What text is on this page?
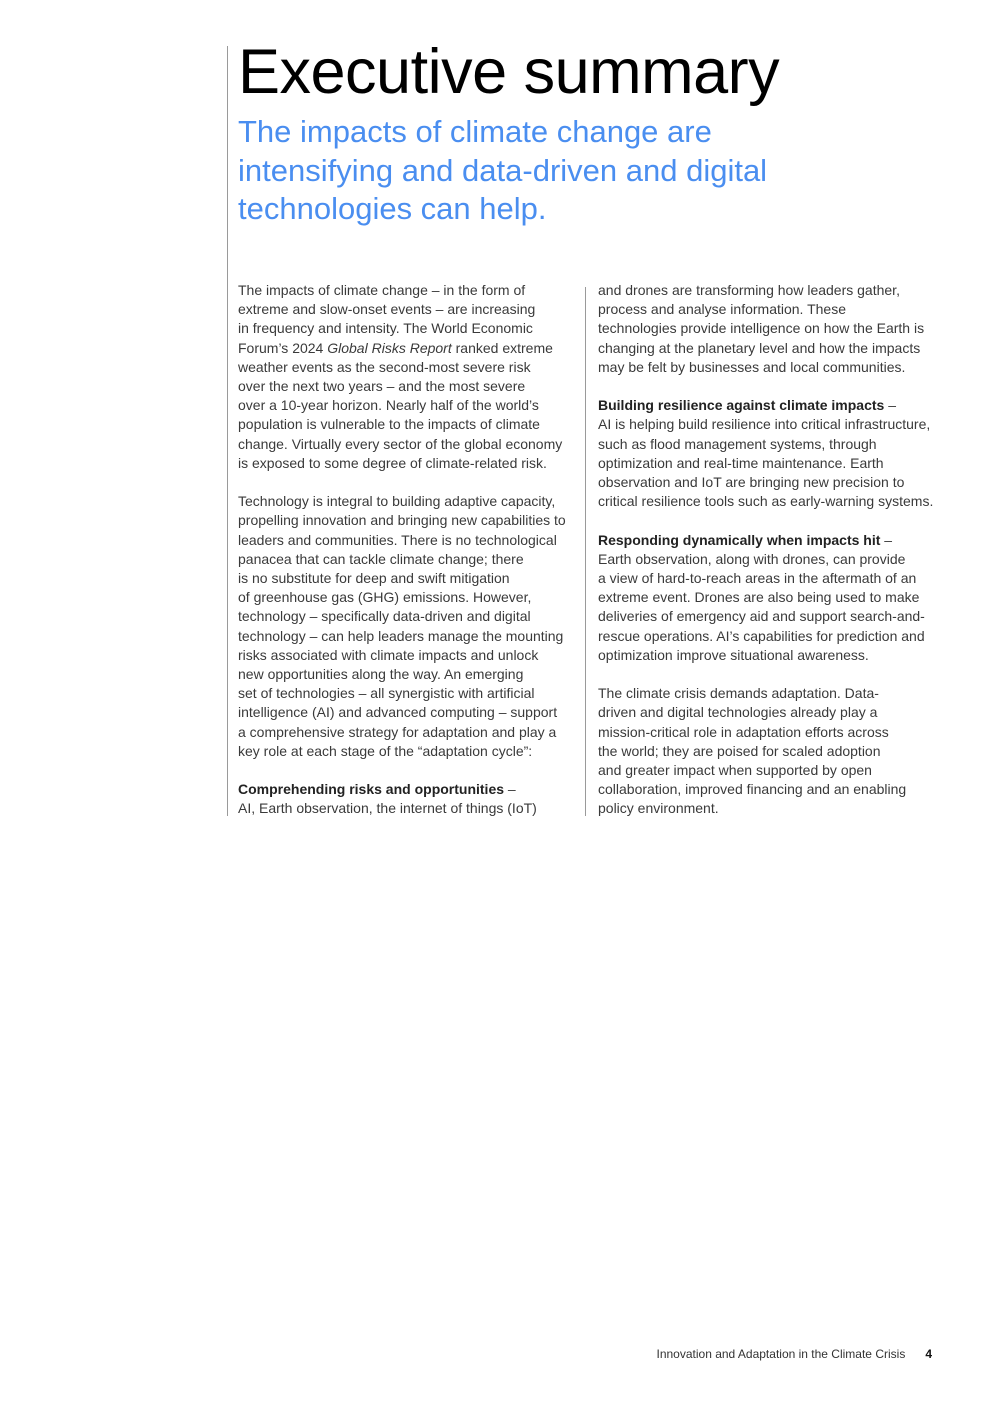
Executive summary
The impacts of climate change are
intensifying and data-driven and digital
technologies can help.

The impacts of climate change – in the form of
extreme and slow-onset events – are increasing
in frequency and intensity. The World Economic
Forum’s 2024 Global Risks Report ranked extreme
weather events as the second-most severe risk
over the next two years – and the most severe
over a 10-year horizon. Nearly half of the world’s
population is vulnerable to the impacts of climate
change. Virtually every sector of the global economy
is exposed to some degree of climate-related risk.

Technology is integral to building adaptive capacity,
propelling innovation and bringing new capabilities to
leaders and communities. There is no technological
panacea that can tackle climate change; there
is no substitute for deep and swift mitigation
of greenhouse gas (GHG) emissions. However,
technology – specifically data-driven and digital
technology – can help leaders manage the mounting
risks associated with climate impacts and unlock
new opportunities along the way. An emerging
set of technologies – all synergistic with artificial
intelligence (AI) and advanced computing – support
a comprehensive strategy for adaptation and play a
key role at each stage of the “adaptation cycle”:

Comprehending risks and opportunities –
AI, Earth observation, the internet of things (IoT)

and drones are transforming how leaders gather,
process and analyse information. These
technologies provide intelligence on how the Earth is
changing at the planetary level and how the impacts
may be felt by businesses and local communities.

Building resilience against climate impacts –
AI is helping build resilience into critical infrastructure,
such as flood management systems, through
optimization and real-time maintenance. Earth
observation and IoT are bringing new precision to
critical resilience tools such as early-warning systems.

Responding dynamically when impacts hit –
Earth observation, along with drones, can provide
a view of hard-to-reach areas in the aftermath of an
extreme event. Drones are also being used to make
deliveries of emergency aid and support search-and-
rescue operations. AI’s capabilities for prediction and
optimization improve situational awareness.

The climate crisis demands adaptation. Data-
driven and digital technologies already play a
mission-critical role in adaptation efforts across
the world; they are poised for scaled adoption
and greater impact when supported by open
collaboration, improved financing and an enabling
policy environment.

Innovation and Adaptation in the Climate Crisis 4
